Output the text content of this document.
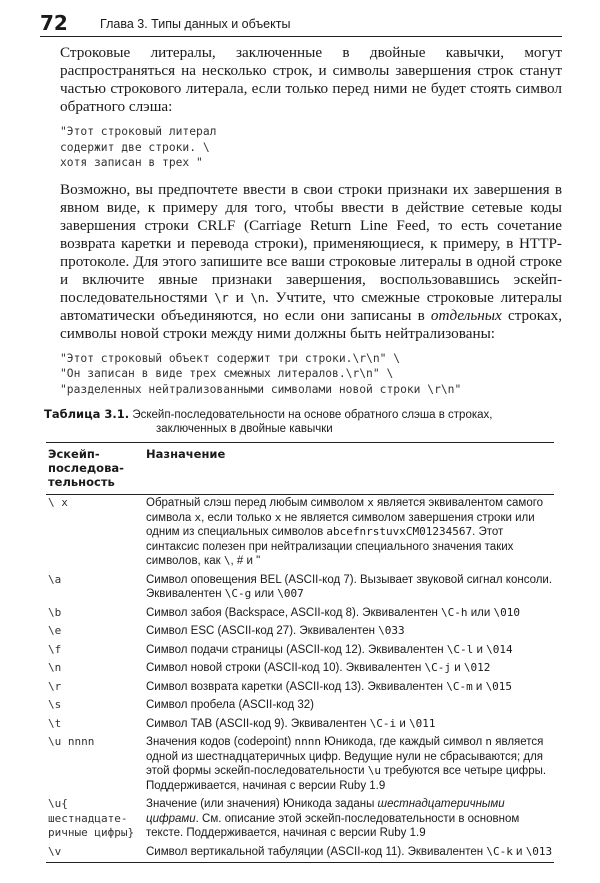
72	Глава 3. Типы данных и объекты

Строковые литералы, заключенные в двойные кавычки, могут распространяться на несколько строк, и символы завершения строк станут частью строкового литерала, если только перед ними не будет стоять символ обратного слэша:

"Этот строковый литерал
содержит две строки. \
хотя записан в трех "

Возможно, вы предпочтете ввести в свои строки признаки их завершения в явном виде, к примеру для того, чтобы ввести в действие сетевые коды завершения строки CRLF (Carriage Return Line Feed, то есть сочетание возврата каретки и перевода строки), применяющиеся, к примеру, в HTTP-протоколе. Для этого запишите все ваши строковые литералы в одной строке и включите явные признаки завершения, воспользовавшись эскейп-последовательностями \r и \n. Учтите, что смежные строковые литералы автоматически объединяются, но если они записаны в отдельных строках, символы новой строки между ними должны быть нейтрализованы:

"Этот строковый объект содержит три строки.\r\n" \
"Он записан в виде трех смежных литералов.\r\n" \
"разделенных нейтрализованными символами новой строки \r\n"
Таблица 3.1. Эскейп-последовательности на основе обратного слэша в строках,
заключенных в двойные кавычки
Эскейп-последова-тельность	Назначение
\ x	Обратный слэш перед любым символом x является эквивалентом самого символа x, если только x не является символом завершения строки или одним из специальных символов abcefnrstuvxCM01234567. Этот синтаксис полезен при нейтрализации специального значения таких символов, как \, # и "
\a	Символ оповещения BEL (ASCII-код 7). Вызывает звуковой сигнал консоли. Эквивалентен \C-g или \007
\b	Символ забоя (Backspace, ASCII-код 8). Эквивалентен \C-h или \010
\e	Символ ESC (ASCII-код 27). Эквивалентен \033
\f	Символ подачи страницы (ASCII-код 12). Эквивалентен \C-l и \014
\n	Символ новой строки (ASCII-код 10). Эквивалентен \C-j и \012
\r	Символ возврата каретки (ASCII-код 13). Эквивалентен \C-m и \015
\s	Символ пробела (ASCII-код 32)
\t	Символ TAB (ASCII-код 9). Эквивалентен \C-i и \011
\u nnnn	Значения кодов (codepoint) nnnn Юникода, где каждый символ n является одной из шестнадцатеричных цифр. Ведущие нули не сбрасываются; для этой формы эскейп-последовательности \u требуются все четыре цифры. Поддерживается, начиная с версии Ruby 1.9
\u{ шестнадцате-ричные цифры}	Значение (или значения) Юникода заданы шестнадцатеричными цифрами. См. описание этой эскейп-последовательности в основном тексте. Поддерживается, начиная с версии Ruby 1.9
\v	Символ вертикальной табуляции (ASCII-код 11). Эквивалентен \C-k и \013
